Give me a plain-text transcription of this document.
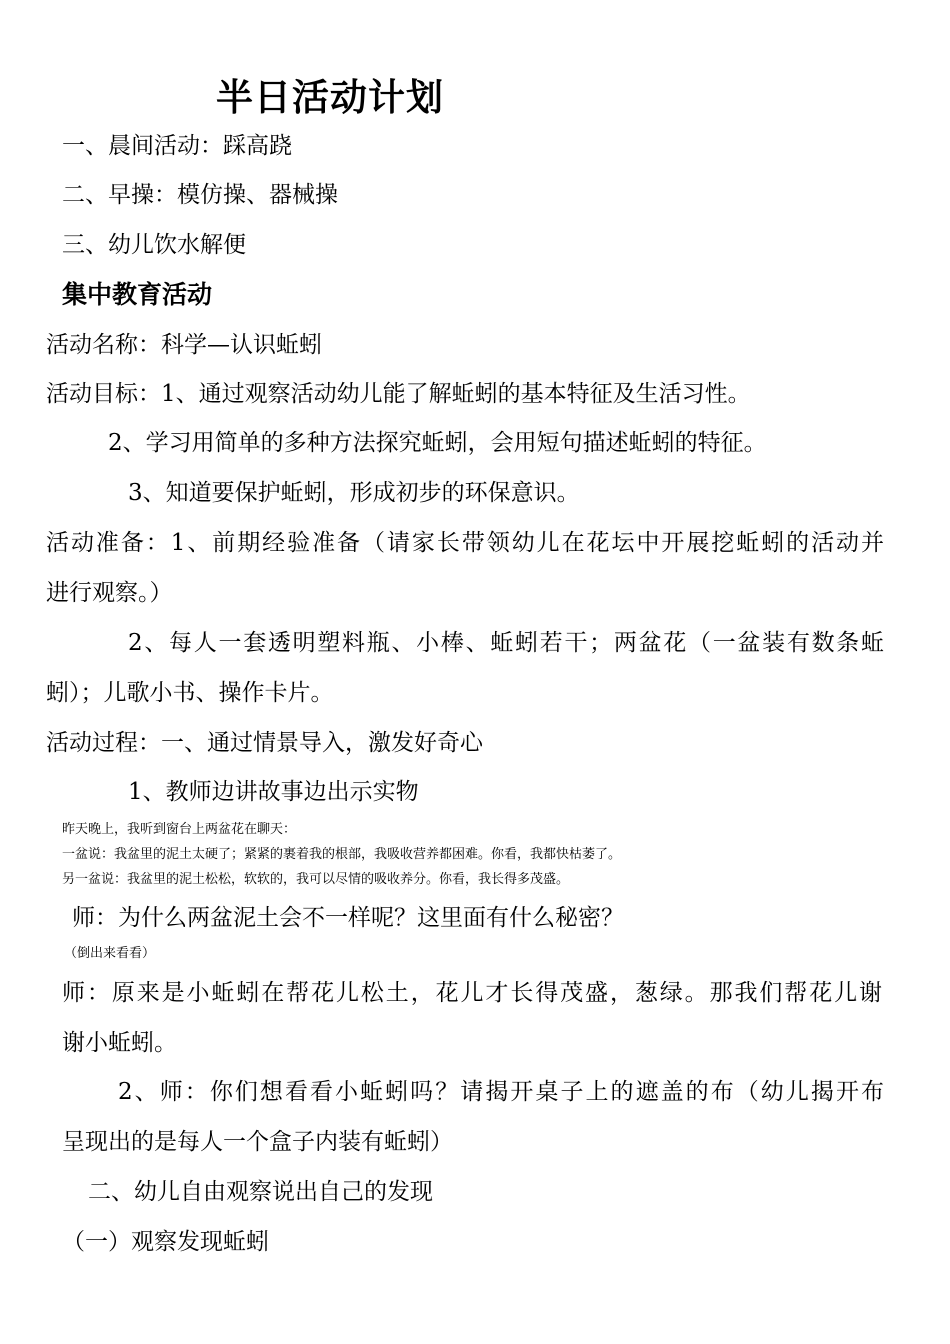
半日活动计划
一、晨间活动：踩高跷
二、早操：模仿操、器械操
三、幼儿饮水解便
集中教育活动
活动名称：科学—认识蚯蚓
活动目标：1、通过观察活动幼儿能了解蚯蚓的基本特征及生活习性。
2、学习用简单的多种方法探究蚯蚓，会用短句描述蚯蚓的特征。
3、知道要保护蚯蚓，形成初步的环保意识。
活动准备：1、前期经验准备（请家长带领幼儿在花坛中开展挖蚯蚓的活动并
进行观察。）
2、每人一套透明塑料瓶、小棒、蚯蚓若干；两盆花（一盆装有数条蚯
蚓）；儿歌小书、操作卡片。
活动过程：一、通过情景导入，激发好奇心
1、教师边讲故事边出示实物
昨天晚上，我听到窗台上两盆花在聊天：
一盆说：我盆里的泥土太硬了；紧紧的裹着我的根部，我吸收营养都困难。你看，我都快枯萎了。
另一盆说：我盆里的泥土松松，软软的，我可以尽情的吸收养分。你看，我长得多茂盛。
师：为什么两盆泥土会不一样呢？这里面有什么秘密？
（倒出来看看）
师：原来是小蚯蚓在帮花儿松土，花儿才长得茂盛，葱绿。那我们帮花儿谢
谢小蚯蚓。
2、师：你们想看看小蚯蚓吗？请揭开桌子上的遮盖的布（幼儿揭开布
呈现出的是每人一个盒子内装有蚯蚓）
二、幼儿自由观察说出自己的发现
（一）观察发现蚯蚓
